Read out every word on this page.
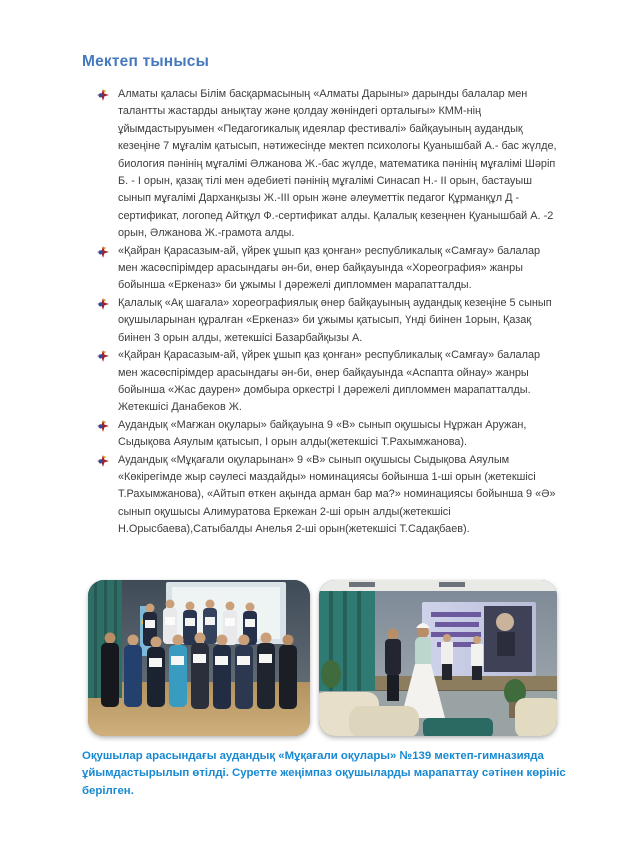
Мектеп тынысы
Алматы қаласы Білім басқармасының «Алматы Дарыны» дарынды балалар мен талантты жастарды анықтау және қолдау жөніндегі орталығы» КММ-нің ұйымдастыруымен «Педагогикалық идеялар фестивалі» байқауының аудандық кезеңіне 7 мұғалім қатысып, нәтижесінде мектеп психологы Қуанышбай А.- бас жүлде, биология пәнінің мұғалімі Әлжанова Ж.-бас жүлде, математика пәнінің мұғалімі Шәріп Б. - I орын, қазақ тілі мен әдебиеті пәнінің мұғалімі Синасап Н.- II орын, бастауыш сынып мұғалімі Дарханқызы Ж.-III орын және әлеуметтік педагог Құрманқұл Д - сертификат, логопед Айтқұл Ф.-сертификат алды. Қалалық кезеңнен Қуанышбай А. -2 орын, Әлжанова Ж.-грамота алды.
«Қайран Қарасазым-ай, үйрек ұшып қаз қонған» республикалық «Самғау» балалар мен жасөспірімдер арасындағы ән-би, өнер байқауында «Хореография» жанры бойынша «Еркеназ» би ұжымы I дәрежелі дипломмен марапатталды.
Қалалық «Ақ шағала» хореографиялық өнер байқауының аудандық кезеңіне 5 сынып оқушыларынан құралған «Еркеназ» би ұжымы қатысып, Үнді биінен 1орын, Қазақ биінен 3 орын алды, жетекшісі Базарбайқызы А.
«Қайран Қарасазым-ай, үйрек ұшып қаз қонған» республикалық «Самғау» балалар мен жасөспірімдер арасындағы ән-би, өнер байқауында «Аспапта ойнау» жанры бойынша «Жас даурен» домбыра оркестрі I дәрежелі дипломмен марапатталды. Жетекшісі Данабеков Ж.
Аудандық «Мағжан оқулары» байқауына 9 «В» сынып оқушысы Нұржан Аружан, Сыдықова Аяулым қатысып, I орын алды(жетекшісі Т.Рахымжанова).
Аудандық «Мұқағали оқуларынан» 9 «В» сынып оқушысы Сыдықова Аяулым «Көкірегімде жыр сәулесі маздайды» номинациясы бойынша 1-ші орын (жетекшісі Т.Рахымжанова), «Айтып өткен ақында арман бар ма?» номинациясы бойынша 9 «Ә» сынып оқушысы Алимуратова Еркежан 2-ші орын алды(жетекшісі Н.Орысбаева),Сатыбалды Анелья 2-ші орын(жетекшісі Т.Садақбаев).

Оқушылар арасындағы аудандық «Мұқағали оқулары» №139 мектеп-гимназияда ұйымдастырылып өтілді. Суретте жеңімпаз оқушыларды марапаттау сәтінен көрініс берілген.
